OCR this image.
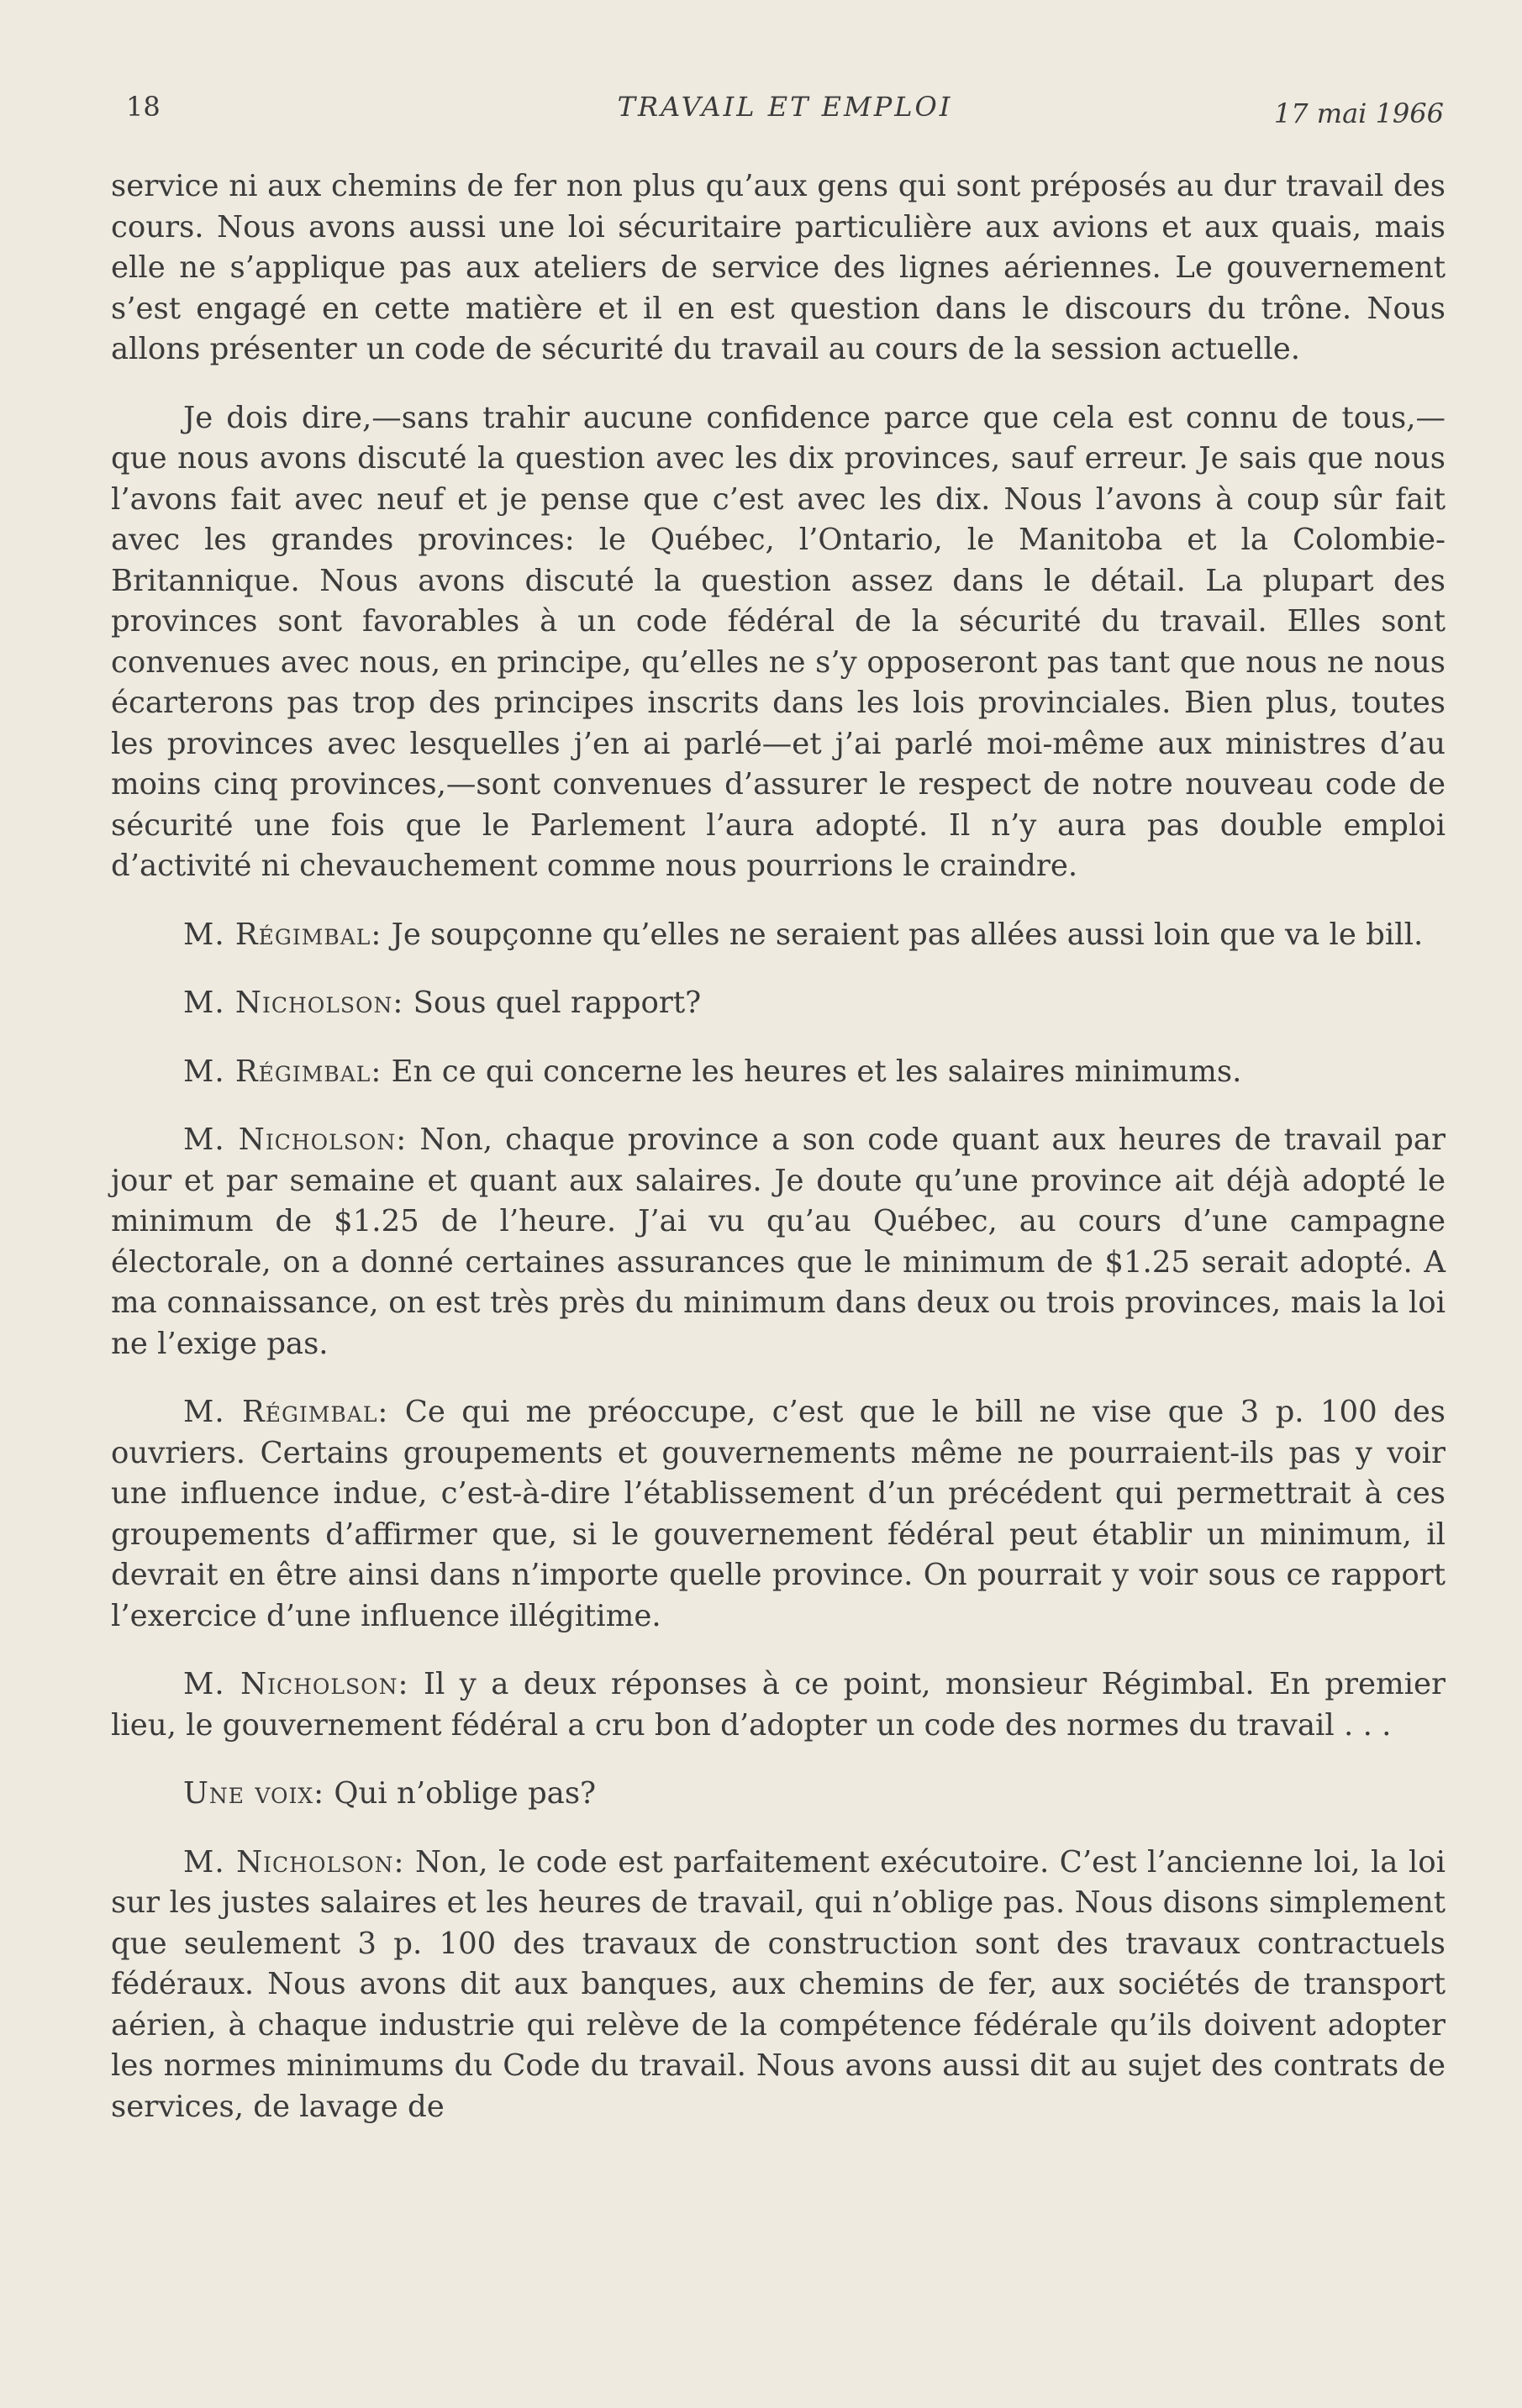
18	TRAVAIL ET EMPLOI	17 mai 1966

service ni aux chemins de fer non plus qu’aux gens qui sont préposés au dur travail des cours. Nous avons aussi une loi sécuritaire particulière aux avions et aux quais, mais elle ne s’applique pas aux ateliers de service des lignes aériennes. Le gouvernement s’est engagé en cette matière et il en est question dans le discours du trône. Nous allons présenter un code de sécurité du travail au cours de la session actuelle.

Je dois dire,—sans trahir aucune confidence parce que cela est connu de tous,—que nous avons discuté la question avec les dix provinces, sauf erreur. Je sais que nous l’avons fait avec neuf et je pense que c’est avec les dix. Nous l’avons à coup sûr fait avec les grandes provinces: le Québec, l’Ontario, le Manitoba et la Colombie-Britannique. Nous avons discuté la question assez dans le détail. La plupart des provinces sont favorables à un code fédéral de la sécurité du travail. Elles sont convenues avec nous, en principe, qu’elles ne s’y opposeront pas tant que nous ne nous écarterons pas trop des principes inscrits dans les lois provinciales. Bien plus, toutes les provinces avec lesquelles j’en ai parlé—et j’ai parlé moi-même aux ministres d’au moins cinq provinces,—sont convenues d’assurer le respect de notre nouveau code de sécurité une fois que le Parlement l’aura adopté. Il n’y aura pas double emploi d’activité ni chevauchement comme nous pourrions le craindre.

M. Régimbal: Je soupçonne qu’elles ne seraient pas allées aussi loin que va le bill.

M. Nicholson: Sous quel rapport?

M. Régimbal: En ce qui concerne les heures et les salaires minimums.

M. Nicholson: Non, chaque province a son code quant aux heures de travail par jour et par semaine et quant aux salaires. Je doute qu’une province ait déjà adopté le minimum de $1.25 de l’heure. J’ai vu qu’au Québec, au cours d’une campagne électorale, on a donné certaines assurances que le minimum de $1.25 serait adopté. A ma connaissance, on est très près du minimum dans deux ou trois provinces, mais la loi ne l’exige pas.

M. Régimbal: Ce qui me préoccupe, c’est que le bill ne vise que 3 p. 100 des ouvriers. Certains groupements et gouvernements même ne pourraient-ils pas y voir une influence indue, c’est-à-dire l’établissement d’un précédent qui permettrait à ces groupements d’affirmer que, si le gouvernement fédéral peut établir un minimum, il devrait en être ainsi dans n’importe quelle province. On pourrait y voir sous ce rapport l’exercice d’une influence illégitime.

M. Nicholson: Il y a deux réponses à ce point, monsieur Régimbal. En premier lieu, le gouvernement fédéral a cru bon d’adopter un code des normes du travail . . .

Une voix: Qui n’oblige pas?

M. Nicholson: Non, le code est parfaitement exécutoire. C’est l’ancienne loi, la loi sur les justes salaires et les heures de travail, qui n’oblige pas. Nous disons simplement que seulement 3 p. 100 des travaux de construction sont des travaux contractuels fédéraux. Nous avons dit aux banques, aux chemins de fer, aux sociétés de transport aérien, à chaque industrie qui relève de la compétence fédérale qu’ils doivent adopter les normes minimums du Code du travail. Nous avons aussi dit au sujet des contrats de services, de lavage de
